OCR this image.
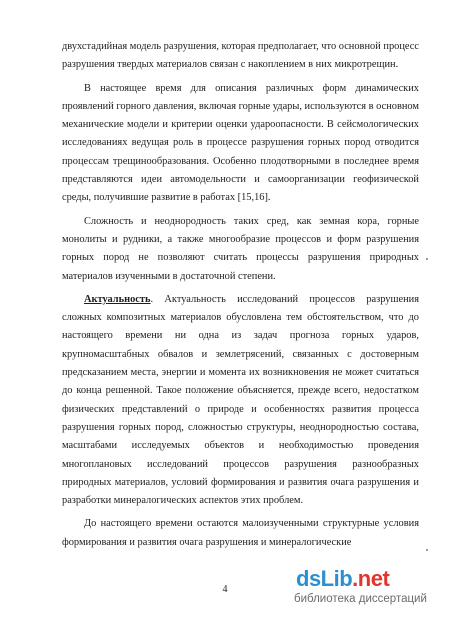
двухстадийная модель разрушения, которая предполагает, что основной процесс разрушения твердых материалов связан с накоплением в них микротрещин.

В настоящее время для описания различных форм динамических проявлений горного давления, включая горные удары, используются в основном механические модели и критерии оценки удароопасности. В сейсмологических исследованиях ведущая роль в процессе разрушения горных пород отводится процессам трещинообразования. Особенно плодотворными в последнее время представляются идеи автомодельности и самоорганизации геофизической среды, получившие развитие в работах [15,16].

Сложность и неоднородность таких сред, как земная кора, горные монолиты и рудники, а также многообразие процессов и форм разрушения горных пород не позволяют считать процессы разрушения природных материалов изученными в достаточной степени.

Актуальность. Актуальность исследований процессов разрушения сложных композитных материалов обусловлена тем обстоятельством, что до настоящего времени ни одна из задач прогноза горных ударов, крупномасштабных обвалов и землетрясений, связанных с достоверным предсказанием места, энергии и момента их возникновения не может считаться до конца решенной. Такое положение объясняется, прежде всего, недостатком физических представлений о природе и особенностях развития процесса разрушения горных пород, сложностью структуры, неоднородностью состава, масштабами исследуемых объектов и необходимостью проведения многоплановых исследований процессов разрушения разнообразных природных материалов, условий формирования и развития очага разрушения и разработки минералогических аспектов этих проблем.

До настоящего времени остаются малоизученными структурные условия формирования и развития очага разрушения и минералогические

4	dsLib.net
библиотека диссертаций
